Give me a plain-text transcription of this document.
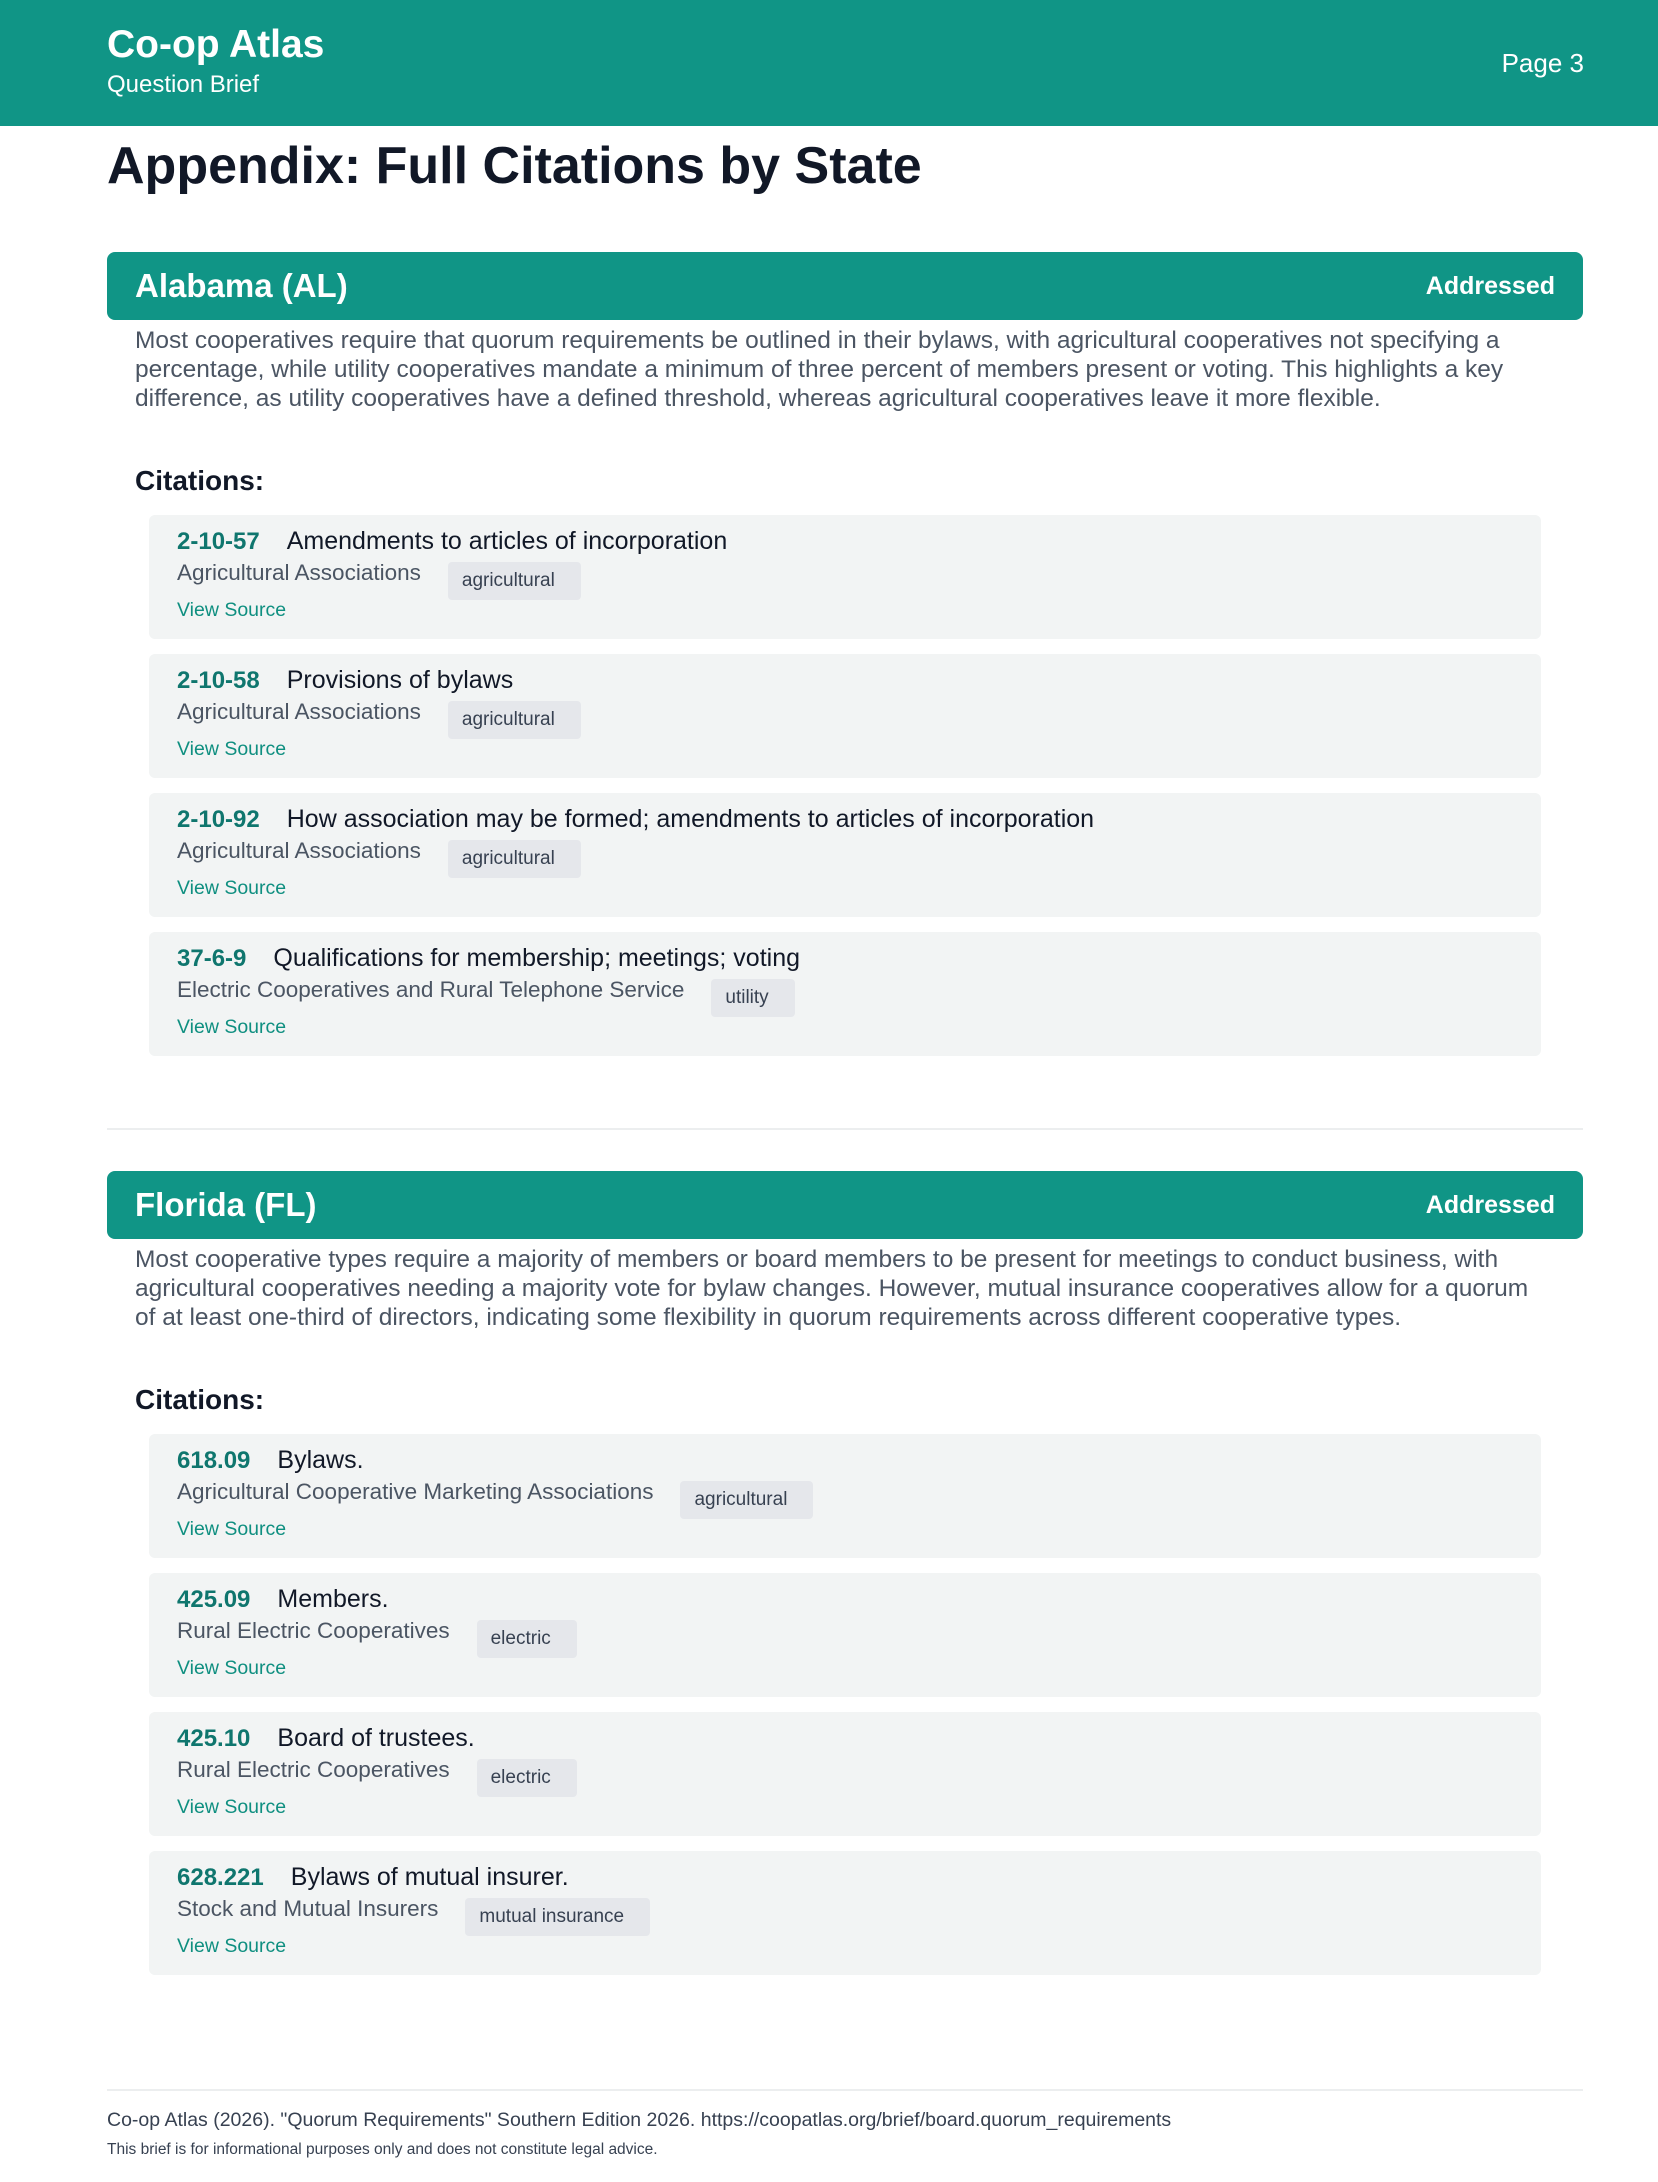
Co-op Atlas
Question Brief
Page 3
Appendix: Full Citations by State
Alabama (AL)	Addressed

Most cooperatives require that quorum requirements be outlined in their bylaws, with agricultural cooperatives not specifying a percentage, while utility cooperatives mandate a minimum of three percent of members present or voting. This highlights a key difference, as utility cooperatives have a defined threshold, whereas agricultural cooperatives leave it more flexible.

Citations:
2-10-57 Amendments to articles of incorporation
Agricultural Associations	agricultural
View Source
2-10-58 Provisions of bylaws
Agricultural Associations	agricultural
View Source
2-10-92 How association may be formed; amendments to articles of incorporation
Agricultural Associations	agricultural
View Source
37-6-9 Qualifications for membership; meetings; voting
Electric Cooperatives and Rural Telephone Service	utility
View Source
Florida (FL)	Addressed

Most cooperative types require a majority of members or board members to be present for meetings to conduct business, with agricultural cooperatives needing a majority vote for bylaw changes. However, mutual insurance cooperatives allow for a quorum of at least one-third of directors, indicating some flexibility in quorum requirements across different cooperative types.

Citations:
618.09 Bylaws.
Agricultural Cooperative Marketing Associations	agricultural
View Source
425.09 Members.
Rural Electric Cooperatives	electric
View Source
425.10 Board of trustees.
Rural Electric Cooperatives	electric
View Source
628.221 Bylaws of mutual insurer.
Stock and Mutual Insurers	mutual insurance
View Source
Co-op Atlas (2026). "Quorum Requirements" Southern Edition 2026. https://coopatlas.org/brief/board.quorum_requirements
This brief is for informational purposes only and does not constitute legal advice.
